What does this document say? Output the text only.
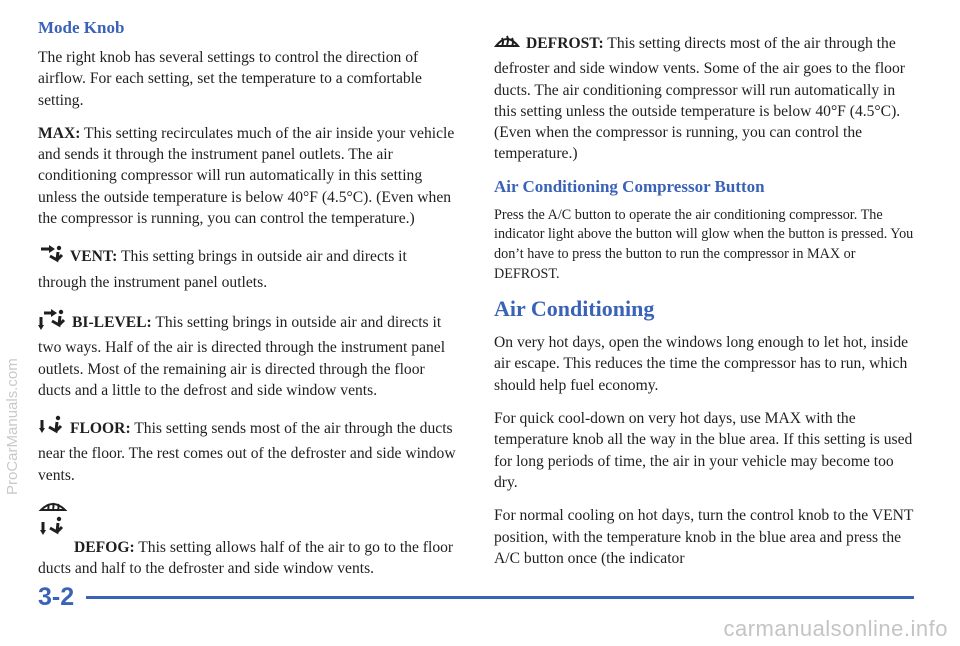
Mode Knob

The right knob has several settings to control the direction of airflow. For each setting, set the temperature to a comfortable setting.

MAX: This setting recirculates much of the air inside your vehicle and sends it through the instrument panel outlets. The air conditioning compressor will run automatically in this setting unless the outside temperature is below 40°F (4.5°C). (Even when the compressor is running, you can control the temperature.)

VENT: This setting brings in outside air and directs it through the instrument panel outlets.

BI-LEVEL: This setting brings in outside air and directs it two ways. Half of the air is directed through the instrument panel outlets. Most of the remaining air is directed through the floor ducts and a little to the defrost and side window vents.

FLOOR: This setting sends most of the air through the ducts near the floor. The rest comes out of the defroster and side window vents.

DEFOG: This setting allows half of the air to go to the floor ducts and half to the defroster and side window vents.

DEFROST: This setting directs most of the air through the defroster and side window vents. Some of the air goes to the floor ducts. The air conditioning compressor will run automatically in this setting unless the outside temperature is below 40°F (4.5°C). (Even when the compressor is running, you can control the temperature.)

Air Conditioning Compressor Button

Press the A/C button to operate the air conditioning compressor. The indicator light above the button will glow when the button is pressed. You don’t have to press the button to run the compressor in MAX or DEFROST.

Air Conditioning

On very hot days, open the windows long enough to let hot, inside air escape. This reduces the time the compressor has to run, which should help fuel economy.

For quick cool-down on very hot days, use MAX with the temperature knob all the way in the blue area. If this setting is used for long periods of time, the air in your vehicle may become too dry.

For normal cooling on hot days, turn the control knob to the VENT position, with the temperature knob in the blue area and press the A/C button once (the indicator

3-2
ProCarManuals.com
carmanualsonline.info
